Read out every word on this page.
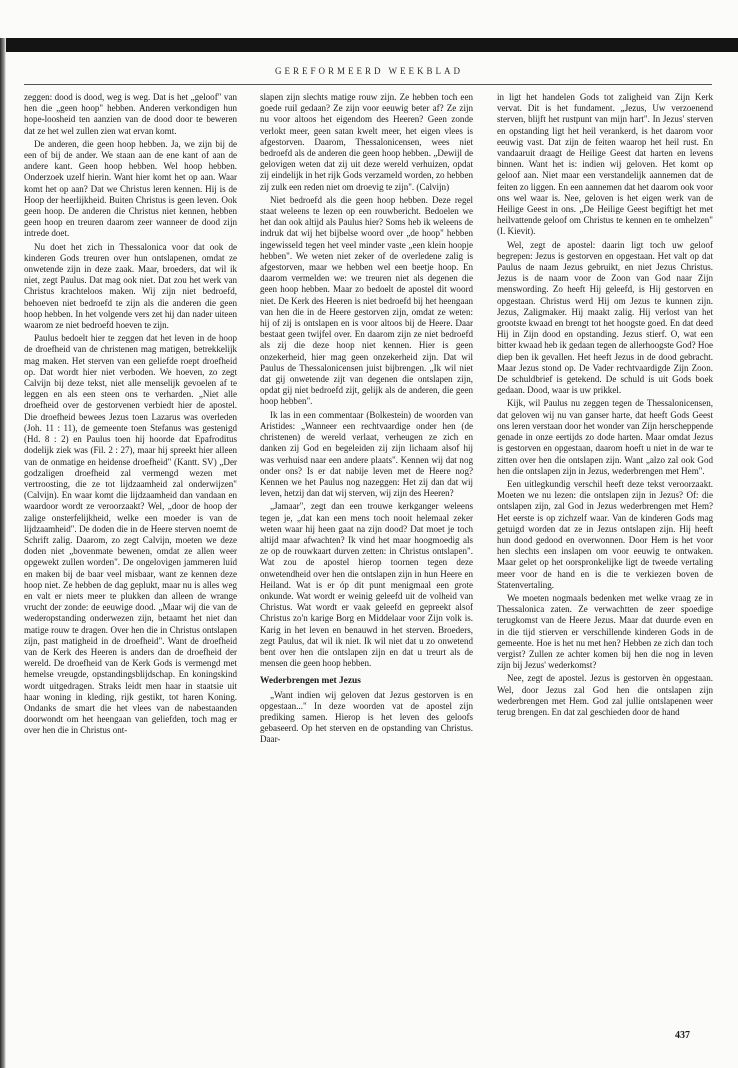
GEREFORMEERD WEEKBLAD

zeggen: dood is dood, weg is weg. Dat is het „geloof" van hen die „geen hoop" hebben. Anderen verkondigen hun hope-loosheid ten aanzien van de dood door te beweren dat ze het wel zullen zien wat ervan komt.

De anderen, die geen hoop hebben. Ja, we zijn bij de een of bij de ander. We staan aan de ene kant of aan de andere kant. Geen hoop hebben. Wel hoop hebben. Onderzoek uzelf hierin. Want hier komt het op aan. Waar komt het op aan? Dat we Christus leren kennen. Hij is de Hoop der heerlijkheid. Buiten Christus is geen leven. Ook geen hoop. De anderen die Christus niet kennen, hebben geen hoop en treuren daarom zeer wanneer de dood zijn intrede doet.

Nu doet het zich in Thessalonica voor dat ook de kinderen Gods treuren over hun ontslapenen, omdat ze onwetende zijn in deze zaak. Maar, broeders, dat wil ik niet, zegt Paulus. Dat mag ook niet. Dat zou het werk van Christus krachteloos maken. Wij zijn niet bedroefd, behoeven niet bedroefd te zijn als die anderen die geen hoop hebben. In het volgende vers zet hij dan nader uiteen waarom ze niet bedroefd hoeven te zijn.

Paulus bedoelt hier te zeggen dat het leven in de hoop de droefheid van de christenen mag matigen, betrekkelijk mag maken. Het sterven van een geliefde roept droefheid op. Dat wordt hier niet verboden. We hoeven, zo zegt Calvijn bij deze tekst, niet alle menselijk gevoelen af te leggen en als een steen ons te verharden. „Niet alle droefheid over de gestorvenen verbiedt hier de apostel. Die droefheid bewees Jezus toen Lazarus was overleden (Joh. 11 : 11), de gemeente toen Stefanus was gestenigd (Hd. 8 : 2) en Paulus toen hij hoorde dat Epafroditus dodelijk ziek was (Fil. 2 : 27), maar hij spreekt hier alleen van de onmatige en heidense droefheid" (Kantt. SV) „Der godzaligen droefheid zal vermengd wezen met vertroosting, die ze tot lijdzaamheid zal onderwijzen" (Calvijn). En waar komt die lijdzaamheid dan vandaan en waardoor wordt ze veroorzaakt? Wel, „door de hoop der zalige onsterfelijkheid, welke een moeder is van de lijdzaamheid". De doden die in de Heere sterven noemt de Schrift zalig. Daarom, zo zegt Calvijn, moeten we deze doden niet „bovenmate bewenen, omdat ze allen weer opgewekt zullen worden". De ongelovigen jammeren luid en maken bij de baar veel misbaar, want ze kennen deze hoop niet. Ze hebben de dag geplukt, maar nu is alles weg en valt er niets meer te plukken dan alleen de wrange vrucht der zonde: de eeuwige dood. „Maar wij die van de wederopstanding onderwezen zijn, betaamt het niet dan matige rouw te dragen. Over hen die in Christus ontslapen zijn, past matigheid in de droefheid". Want de droefheid van de Kerk des Heeren is anders dan de droefheid der wereld. De droefheid van de Kerk Gods is vermengd met hemelse vreugde, opstandingsblijdschap. En koningskind wordt uitgedragen. Straks leidt men haar in staatsie uit haar woning in kleding, rijk gestikt, tot haren Koning. Ondanks de smart die het vlees van de nabestaanden doorwondt om het heengaan van geliefden, toch mag er over hen die in Christus ont-

slapen zijn slechts matige rouw zijn. Ze hebben toch een goede ruil gedaan? Ze zijn voor eeuwig beter af? Ze zijn nu voor altoos het eigendom des Heeren? Geen zonde verlokt meer, geen satan kwelt meer, het eigen vlees is afgestorven. Daarom, Thessalonicensen, wees niet bedroefd als de anderen die geen hoop hebben. „Dewijl de gelovigen weten dat zij uit deze wereld verhuizen, opdat zij eindelijk in het rijk Gods verzameld worden, zo hebben zij zulk een reden niet om droevig te zijn". (Calvijn)

Niet bedroefd als die geen hoop hebben. Deze regel staat weleens te lezen op een rouwbericht. Bedoelen we het dan ook altijd als Paulus hier? Soms heb ik weleens de indruk dat wij het bijbelse woord over „de hoop" hebben ingewisseld tegen het veel minder vaste „een klein hoopje hebben". We weten niet zeker of de overledene zalig is afgestorven, maar we hebben wel een beetje hoop. En daarom vermelden we: we treuren niet als degenen die geen hoop hebben. Maar zo bedoelt de apostel dit woord niet. De Kerk des Heeren is niet bedroefd bij het heengaan van hen die in de Heere gestorven zijn, omdat ze weten: hij of zij is ontslapen en is voor altoos bij de Heere. Daar bestaat geen twijfel over. En daarom zijn ze niet bedroefd als zij die deze hoop niet kennen. Hier is geen onzekerheid, hier mag geen onzekerheid zijn. Dat wil Paulus de Thessalonicensen juist bijbrengen. „Ik wil niet dat gij onwetende zijt van degenen die ontslapen zijn, opdat gij niet bedroefd zijt, gelijk als de anderen, die geen hoop hebben".

Ik las in een commentaar (Bolkestein) de woorden van Aristides: „Wanneer een rechtvaardige onder hen (de christenen) de wereld verlaat, verheugen ze zich en danken zij God en begeleiden zij zijn lichaam alsof hij was verhuisd naar een andere plaats". Kennen wij dat nog onder ons? Is er dat nabije leven met de Heere nog? Kennen we het Paulus nog nazeggen: Het zij dan dat wij leven, hetzij dan dat wij sterven, wij zijn des Heeren?

„Jamaar", zegt dan een trouwe kerkganger weleens tegen je, „dat kan een mens toch nooit helemaal zeker weten waar hij heen gaat na zijn dood? Dat moet je toch altijd maar afwachten? Ik vind het maar hoogmoedig als ze op de rouwkaart durven zetten: in Christus ontslapen". Wat zou de apostel hierop toornen tegen deze onwetendheid over hen die ontslapen zijn in hun Heere en Heiland. Wat is er óp dit punt menigmaal een grote onkunde. Wat wordt er weinig geleefd uit de volheid van Christus. Wat wordt er vaak geleefd en gepreekt alsof Christus zo'n karige Borg en Middelaar voor Zijn volk is. Karig in het leven en benauwd in het sterven. Broeders, zegt Paulus, dat wil ik niet. Ik wil niet dat u zo onwetend bent over hen die ontslapen zijn en dat u treurt als de mensen die geen hoop hebben.

Wederbrengen met Jezus

„Want indien wij geloven dat Jezus gestorven is en opgestaan..." In deze woorden vat de apostel zijn prediking samen. Hierop is het leven des geloofs gebaseerd. Op het sterven en de opstanding van Christus. Daar-

in ligt het handelen Gods tot zaligheid van Zijn Kerk vervat. Dit is het fundament. „Jezus, Uw verzoenend sterven, blijft het rustpunt van mijn hart". In Jezus' sterven en opstanding ligt het heil verankerd, is het daarom voor eeuwig vast. Dat zijn de feiten waarop het heil rust. En vandaaruit draagt de Heilige Geest dat harten en levens binnen. Want het is: indien wij geloven. Het komt op geloof aan. Niet maar een verstandelijk aannemen dat de feiten zo liggen. En een aannemen dat het daarom ook voor ons wel waar is. Nee, geloven is het eigen werk van de Heilige Geest in ons. „De Heilige Geest begiftigt het met heilvattende geloof om Christus te kennen en te omhelzen" (I. Kievit).

Wel, zegt de apostel: daarin ligt toch uw geloof begrepen: Jezus is gestorven en opgestaan. Het valt op dat Paulus de naam Jezus gebruikt, en niet Jezus Christus. Jezus is de naam voor de Zoon van God naar Zijn menswording. Zo heeft Hij geleefd, is Hij gestorven en opgestaan. Christus werd Hij om Jezus te kunnen zijn. Jezus, Zaligmaker. Hij maakt zalig. Hij verlost van het grootste kwaad en brengt tot het hoogste goed. En dat deed Hij in Zijn dood en opstanding. Jezus stierf. O, wat een bitter kwaad heb ik gedaan tegen de allerhoogste God? Hoe diep ben ik gevallen. Het heeft Jezus in de dood gebracht. Maar Jezus stond op. De Vader rechtvaardigde Zijn Zoon. De schuldbrief is getekend. De schuld is uit Gods boek gedaan. Dood, waar is uw prikkel.

Kijk, wil Paulus nu zeggen tegen de Thessalonicensen, dat geloven wij nu van ganser harte, dat heeft Gods Geest ons leren verstaan door het wonder van Zijn herscheppende genade in onze eertijds zo dode harten. Maar omdat Jezus is gestorven en opgestaan, daarom hoeft u niet in de war te zitten over hen die ontslapen zijn. Want „alzo zal ook God hen die ontslapen zijn in Jezus, wederbrengen met Hem".

Een uitlegkundig verschil heeft deze tekst veroorzaakt. Moeten we nu lezen: die ontslapen zijn in Jezus? Of: die ontslapen zijn, zal God in Jezus wederbrengen met Hem? Het eerste is op zichzelf waar. Van de kinderen Gods mag getuigd worden dat ze in Jezus ontslapen zijn. Hij heeft hun dood gedood en overwonnen. Door Hem is het voor hen slechts een inslapen om voor eeuwig te ontwaken. Maar gelet op het oorspronkelijke ligt de tweede vertaling meer voor de hand en is die te verkiezen boven de Statenvertaling.

We moeten nogmaals bedenken met welke vraag ze in Thessalonica zaten. Ze verwachtten de zeer spoedige terugkomst van de Heere Jezus. Maar dat duurde even en in die tijd stierven er verschillende kinderen Gods in de gemeente. Hoe is het nu met hen? Hebben ze zich dan toch vergist? Zullen ze achter komen bij hen die nog in leven zijn bij Jezus' wederkomst?

Nee, zegt de apostel. Jezus is gestorven èn opgestaan. Wel, door Jezus zal God hen die ontslapen zijn wederbrengen met Hem. God zal jullie ontslapenen weer terug brengen. En dat zal geschieden door de hand

437
